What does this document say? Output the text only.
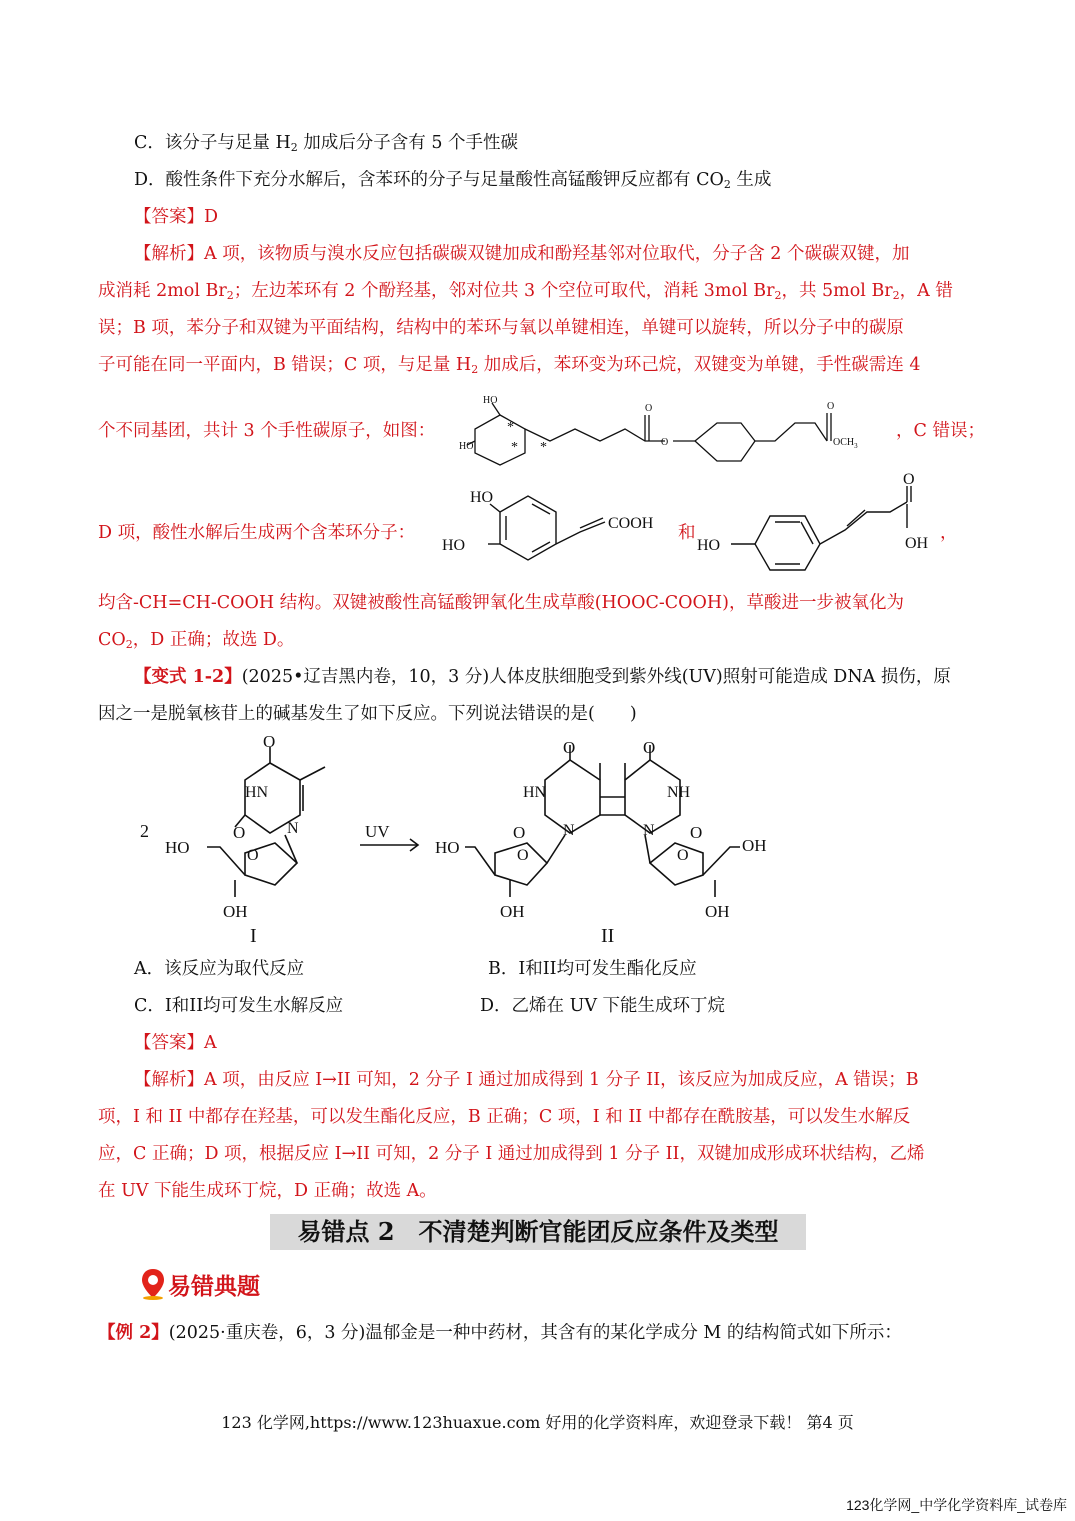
C．该分子与足量 $H_2$ 加成后分子含有 5 个手性碳
D．酸性条件下充分水解后，含苯环的分子与足量酸性高锰酸钾反应都有 $CO_2$ 生成
【答案】D
【解析】A 项，该物质与溴水反应包括碳碳双键加成和酚羟基邻对位取代，分子含 2 个碳碳双键，加
成消耗 2mol $Br_2$；左边苯环有 2 个酚羟基，邻对位共 3 个空位可取代，消耗 3mol $Br_2$，共 5mol $Br_2$，A 错
误；B 项，苯分子和双键为平面结构，结构中的苯环与氧以单键相连，单键可以旋转，所以分子中的碳原
子可能在同一平面内，B 错误；C 项，与足量 $H_2$ 加成后，苯环变为环己烷，双键变为单键，手性碳需连 4
个不同基团，共计 3 个手性碳原子，如图：	，C 错误；
HO
HO
*
* *
O
O
O
$OCH_3$
D 项，酸性水解后生成两个含苯环分子：	和	，
HO
HO
COOH
HO
O
OH
均含-CH=CH-COOH 结构。双键被酸性高锰酸钾氧化生成草酸(HOOC-COOH)，草酸进一步被氧化为
$CO_2$，D 正确；故选 D。
【变式 1-2】(2025•辽吉黑内卷，10，3 分)人体皮肤细胞受到紫外线(UV)照射可能造成 DNA 损伤，原
因之一是脱氧核苷上的碱基发生了如下反应。下列说法错误的是(　　)
2
O
HN
O	N
O
HO
OH
I
UV
O	O
HN	NH
O	O
N	N
O
HO
OH
O
OH
OH
II
A．该反应为取代反应	B．I和II均可发生酯化反应
C．I和II均可发生水解反应	D．乙烯在 UV 下能生成环丁烷
【答案】A
【解析】A 项，由反应 I→II 可知，2 分子 I 通过加成得到 1 分子 II，该反应为加成反应，A 错误；B
项，I 和 II 中都存在羟基，可以发生酯化反应，B 正确；C 项，I 和 II 中都存在酰胺基，可以发生水解反
应，C 正确；D 项，根据反应 I→II 可知，2 分子 I 通过加成得到 1 分子 II，双键加成形成环状结构，乙烯
在 UV 下能生成环丁烷，D 正确；故选 A。
易错点 2　不清楚判断官能团反应条件及类型
易错典题
【例 2】(2025·重庆卷，6，3 分)温郁金是一种中药材，其含有的某化学成分 M 的结构简式如下所示：
123 化学网,https://www.123huaxue.com 好用的化学资料库，欢迎登录下载！ 第4 页
123化学网_中学化学资料库_试卷库
